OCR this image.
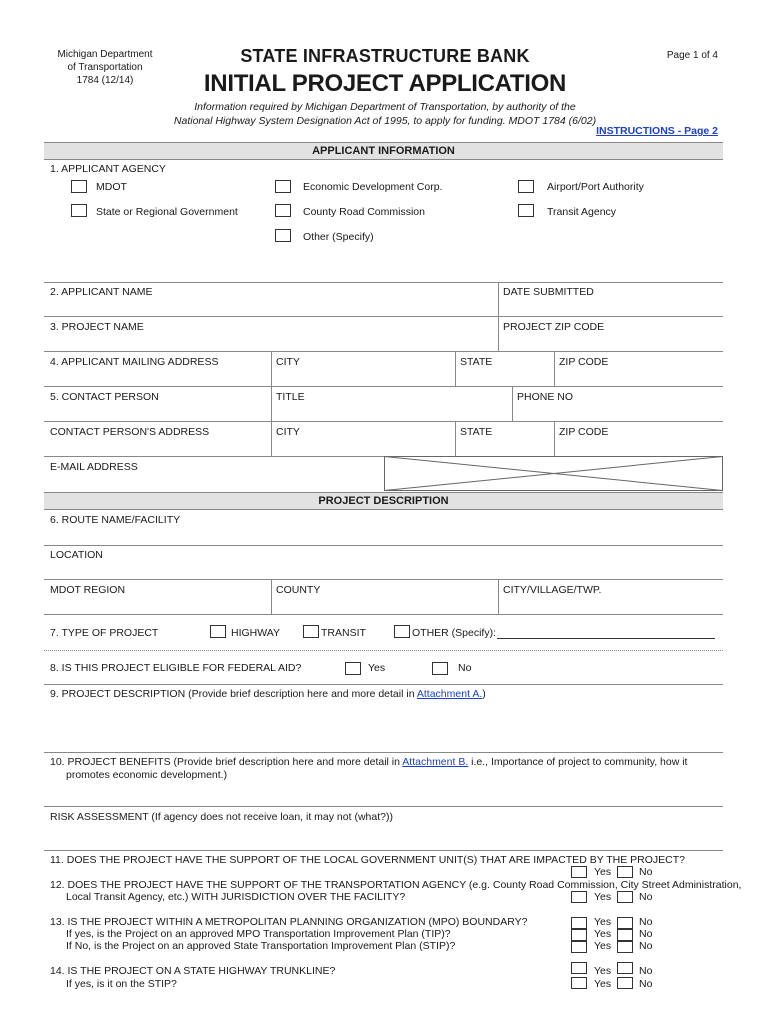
Michigan Department
of Transportation
1784 (12/14)
Page 1 of 4
STATE INFRASTRUCTURE BANK
INITIAL PROJECT APPLICATION
Information required by Michigan Department of Transportation, by authority of the
National Highway System Designation Act of 1995, to apply for funding. MDOT 1784 (6/02)
INSTRUCTIONS - Page 2
APPLICANT INFORMATION
1. APPLICANT AGENCY
MDOT	Economic Development Corp.	Airport/Port Authority
State or Regional Government	County Road Commission	Transit Agency
Other (Specify)
2. APPLICANT NAME	DATE SUBMITTED
3. PROJECT NAME	PROJECT ZIP CODE
4. APPLICANT MAILING ADDRESS	CITY	STATE	ZIP CODE
5. CONTACT PERSON	TITLE	PHONE NO
CONTACT PERSON'S ADDRESS	CITY	STATE	ZIP CODE
E-MAIL ADDRESS
PROJECT DESCRIPTION
6. ROUTE NAME/FACILITY
LOCATION
MDOT REGION	COUNTY	CITY/VILLAGE/TWP.
7. TYPE OF PROJECT	HIGHWAY	TRANSIT	OTHER (Specify):
8. IS THIS PROJECT ELIGIBLE FOR FEDERAL AID?	Yes	No
9. PROJECT DESCRIPTION (Provide brief description here and more detail in Attachment A.)
10. PROJECT BENEFITS (Provide brief description here and more detail in Attachment B. i.e., Importance of project to community, how it
promotes economic development.)
RISK ASSESSMENT (If agency does not receive loan, it may not (what?))
11. DOES THE PROJECT HAVE THE SUPPORT OF THE LOCAL GOVERNMENT UNIT(S) THAT ARE IMPACTED BY THE PROJECT?
Yes	No
12. DOES THE PROJECT HAVE THE SUPPORT OF THE TRANSPORTATION AGENCY (e.g. County Road Commission, City Street Administration,
Local Transit Agency, etc.) WITH JURISDICTION OVER THE FACILITY?	Yes	No
13. IS THE PROJECT WITHIN A METROPOLITAN PLANNING ORGANIZATION (MPO) BOUNDARY?	Yes	No
If yes, is the Project on an approved MPO Transportation Improvement Plan (TIP)?	Yes	No
If No, is the Project on an approved State Transportation Improvement Plan (STIP)?	Yes	No
14. IS THE PROJECT ON A STATE HIGHWAY TRUNKLINE?	Yes	No
If yes, is it on the STIP?	Yes	No
